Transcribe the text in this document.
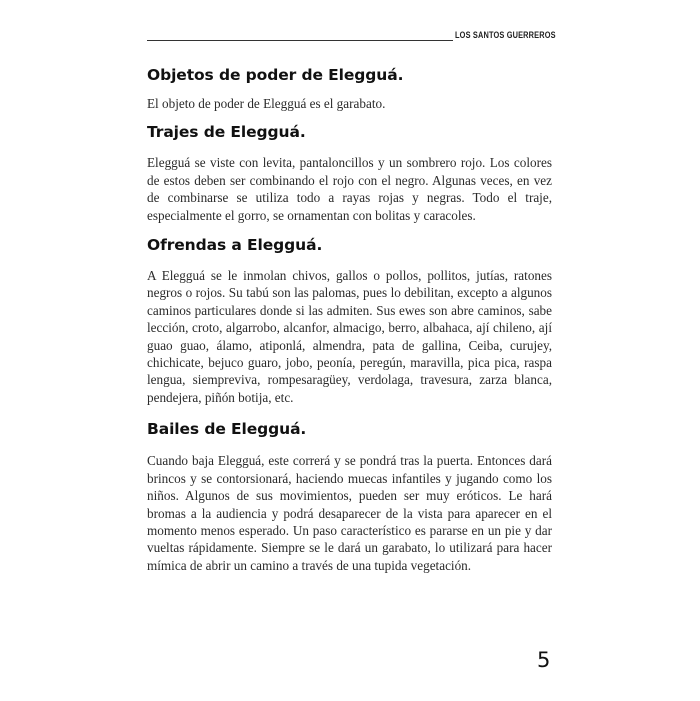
LOS SANTOS GUERREROS
Objetos de poder de Elegguá.

El objeto de poder de Elegguá es el garabato.

Trajes de Elegguá.

Elegguá se viste con levita, pantaloncillos y un sombrero rojo. Los colores de estos deben ser combinando el rojo con el negro. Algunas veces, en vez de combinarse se utiliza todo a rayas rojas y negras. Todo el traje, especialmente el gorro, se ornamentan con bolitas y caracoles.

Ofrendas a Elegguá.

A Elegguá se le inmolan chivos, gallos o pollos, pollitos, jutías, ratones negros o rojos. Su tabú son las palomas, pues lo debilitan, excepto a algunos caminos particulares donde si las admiten. Sus ewes son abre caminos, sabe lección, croto, algarrobo, alcanfor, almacigo, berro, albahaca, ají chileno, ají guao guao, álamo, atiponlá, almendra, pata de gallina, Ceiba, curujey, chichicate, bejuco guaro, jobo, peonía, peregún, maravilla, pica pica, raspa lengua, siempreviva, rompesaragüey, verdolaga, travesura, zarza blanca, pendejera, piñón botija, etc.

Bailes de Elegguá.

Cuando baja Elegguá, este correrá y se pondrá tras la puerta. Entonces dará brincos y se contorsionará, haciendo muecas infantiles y jugando como los niños. Algunos de sus movimientos, pueden ser muy eróticos. Le hará bromas a la audiencia y podrá desaparecer de la vista para aparecer en el momento menos esperado. Un paso característico es pararse en un pie y dar vueltas rápidamente. Siempre se le dará un garabato, lo utilizará para hacer mímica de abrir un camino a través de una tupida vegetación.

5
